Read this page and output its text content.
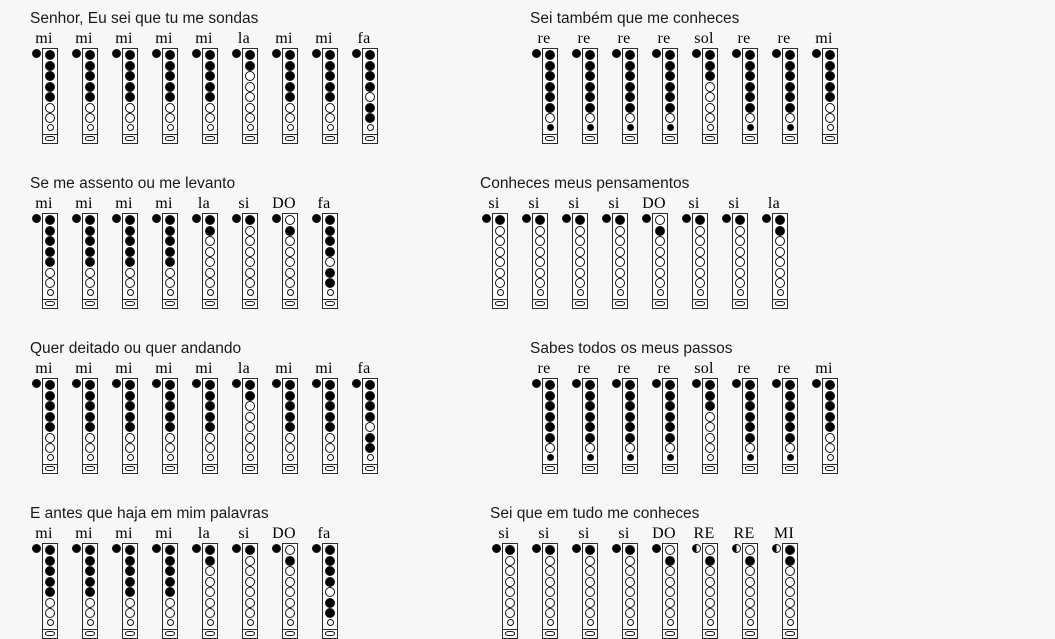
Senhor, Eu sei que tu me sondas
mi mi mi mi mi la mi mi fa
Sei também que me conheces
re re re re sol re re mi
Se me assento ou me levanto
mi mi mi mi la si DO fa
Conheces meus pensamentos
si si si si DO si si la
Quer deitado ou quer andando
mi mi mi mi mi la mi mi fa
Sabes todos os meus passos
re re re re sol re re mi
E antes que haja em mim palavras
mi mi mi mi la si DO fa
Sei que em tudo me conheces
si si si si DO RE RE MI
